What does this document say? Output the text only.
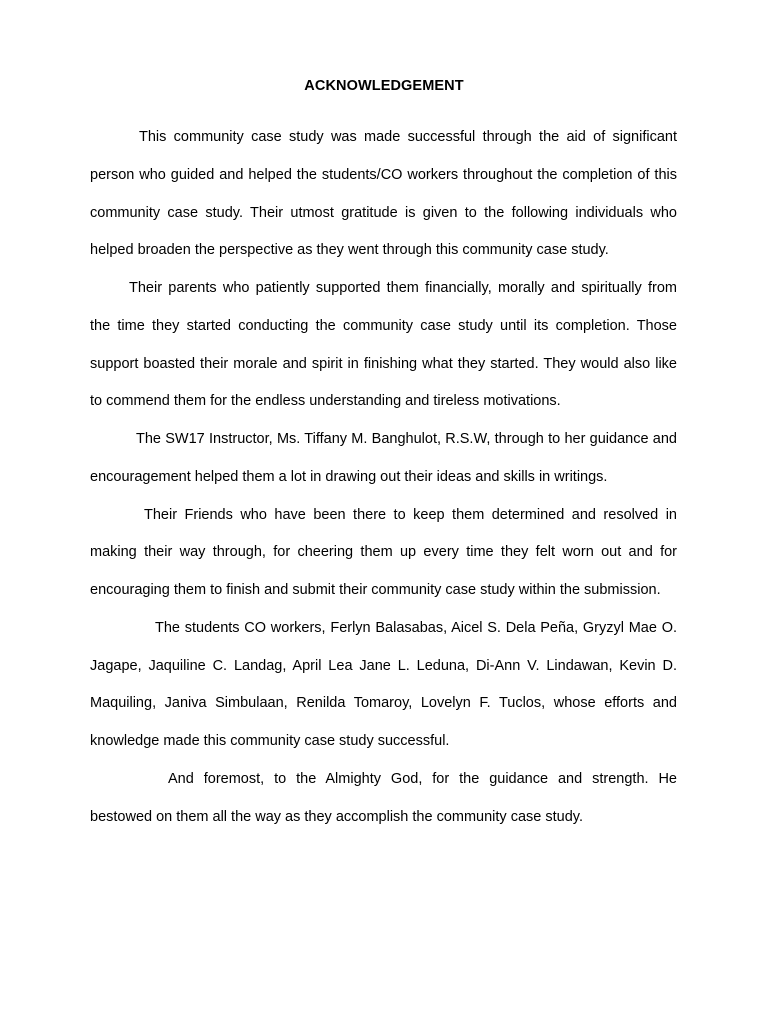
ACKNOWLEDGEMENT

This community case study was made successful through the aid of significant person who guided and helped the students/CO workers throughout the completion of this community case study. Their utmost gratitude is given to the following individuals who helped broaden the perspective as they went through this community case study.

Their parents who patiently supported them financially, morally and spiritually from the time they started conducting the community case study until its completion. Those support boasted their morale and spirit in finishing what they started. They would also like to commend them for the endless understanding and tireless motivations.

The SW17 Instructor, Ms. Tiffany M. Banghulot, R.S.W, through to her guidance and encouragement helped them a lot in drawing out their ideas and skills in writings.

Their Friends who have been there to keep them determined and resolved in making their way through, for cheering them up every time they felt worn out and for encouraging them to finish and submit their community case study within the submission.

The students CO workers, Ferlyn Balasabas, Aicel S. Dela Peña, Gryzyl Mae O. Jagape, Jaquiline C. Landag, April Lea Jane L. Leduna, Di-Ann V. Lindawan, Kevin D. Maquiling, Janiva Simbulaan, Renilda Tomaroy, Lovelyn F. Tuclos, whose efforts and knowledge made this community case study successful.

And foremost, to the Almighty God, for the guidance and strength. He bestowed on them all the way as they accomplish the community case study.
